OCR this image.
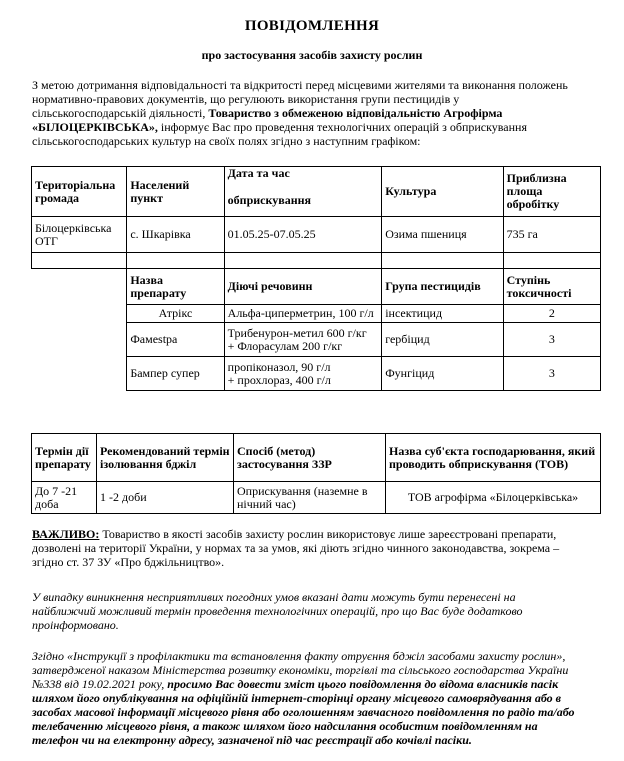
ПОВІДОМЛЕННЯ
про застосування засобів захисту рослин
З метою дотримання відповідальності та відкритості перед місцевими жителями та виконання положень
нормативно-правових документів, що регулюють використання групи пестицидів у
сільськогосподарській діяльності, Товариство з обмеженою відповідальністю Агрофірма
«БІЛОЦЕРКІВСЬКА», інформує Вас про проведення технологічних операцій з обприскування
сільськогосподарських культур на своїх полях згідно з наступним графіком:
Територіальна громада	Населений пункт	Дата та час
обприскування	Культура	Приблизна площа обробітку
Білоцерківська ОТГ	с. Шкарівка	01.05.25-07.05.25	Озима пшениця	735 га

	Назва препарату	Діючі речовинн	Група пестицидів	Ступінь токсичності
	Атрікс	Альфа-циперметрин, 100 г/л	інсектицид	2
	Фамеstра	Трибенурон-метил 600 г/кг
+ Флорасулам 200 г/кг	гербіцид	3
	Бампер супер	пропіконазол, 90 г/л
+ прохлораз, 400 г/л	Фунгіцид	3
Термін дії препарату	Рекомендований термін ізолювання бджіл	Спосіб (метод) застосування ЗЗР	Назва суб'єкта господарювання, який проводить обприскування (ТОВ)
До 7 -21 доба	1 -2 доби	Оприскування (наземне в нічний час)	ТОВ агрофірма «Білоцерківська»
ВАЖЛИВО: Товариство в якості засобів захисту рослин використовує лише зареєстровані препарати,
дозволені на території України, у нормах та за умов, які діють згідно чинного законодавства, зокрема –
згідно ст. 37 ЗУ «Про бджільництво».
У випадку виникнення несприятливих погодних умов вказані дати можуть бути перенесені на
найближчий можливий термін проведення технологічних операцій, про що Вас буде додатково
проінформовано.
Згідно «Інструкції з профілактики та встановлення факту отруєння бджіл засобами захисту рослин»,
затвердженої наказом Міністерства розвитку економіки, торгівлі та сільського господарства України
№338 від 19.02.2021 року, просимо Вас довести зміст цього повідомлення до відома власників пасік
шляхом його опублікування на офіційній інтернет-сторінці органу місцевого самоврядування або в
засобах масової інформації місцевого рівня або оголошенням завчасного повідомлення по радіо та/або
телебаченню місцевого рівня, а також шляхом його надсилання особистим повідомленням на
телефон чи на електронну адресу, зазначеної під час реєстрації або кочівлі пасіки.
